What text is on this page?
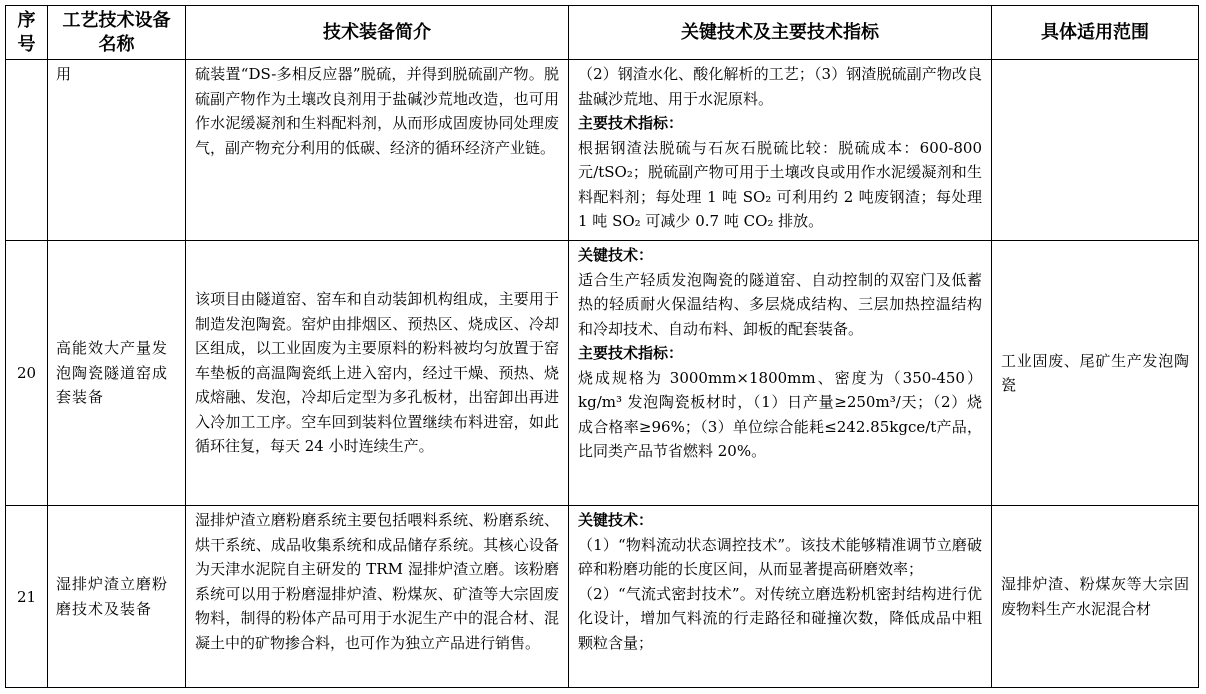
序号	工艺技术设备名称	技术装备简介	关键技术及主要技术指标	具体适用范围
	用	硫装置“DS-多相反应器”脱硫，并得到脱硫副产物。脱硫副产物作为土壤改良剂用于盐碱沙荒地改造，也可用作水泥缓凝剂和生料配料剂，从而形成固废协同处理废气，副产物充分利用的低碳、经济的循环经济产业链。	（2）钢渣水化、酸化解析的工艺；（3）钢渣脱硫副产物改良盐碱沙荒地、用于水泥原料。
主要技术指标：
根据钢渣法脱硫与石灰石脱硫比较：脱硫成本：600-800 元/tSO₂；脱硫副产物可用于土壤改良或用作水泥缓凝剂和生料配料剂；每处理 1 吨 SO₂ 可利用约 2 吨废钢渣；每处理 1 吨 SO₂ 可减少 0.7 吨 CO₂ 排放。	

20	高能效大产量发泡陶瓷隧道窑成套装备	该项目由隧道窑、窑车和自动装卸机构组成，主要用于制造发泡陶瓷。窑炉由排烟区、预热区、烧成区、冷却区组成，以工业固废为主要原料的粉料被均匀放置于窑车垫板的高温陶瓷纸上进入窑内，经过干燥、预热、烧成熔融、发泡，冷却后定型为多孔板材，出窑卸出再进入冷加工工序。空车回到装料位置继续布料进窑，如此循环往复，每天 24 小时连续生产。	关键技术：
适合生产轻质发泡陶瓷的隧道窑、自动控制的双窑门及低蓄热的轻质耐火保温结构、多层烧成结构、三层加热控温结构和冷却技术、自动布料、卸板的配套装备。
主要技术指标：
烧成规格为 3000mm×1800mm、密度为（350-450）kg/m³ 发泡陶瓷板材时，（1）日产量≥250m³/天；（2）烧成合格率≥96%；（3）单位综合能耗≤242.85kgce/t产品，比同类产品节省燃料 20%。	工业固废、尾矿生产发泡陶瓷
21	湿排炉渣立磨粉磨技术及装备	湿排炉渣立磨粉磨系统主要包括喂料系统、粉磨系统、烘干系统、成品收集系统和成品储存系统。其核心设备为天津水泥院自主研发的 TRM 湿排炉渣立磨。该粉磨系统可以用于粉磨湿排炉渣、粉煤灰、矿渣等大宗固废物料，制得的粉体产品可用于水泥生产中的混合材、混凝土中的矿物掺合料，也可作为独立产品进行销售。	关键技术：
（1）“物料流动状态调控技术”。该技术能够精准调节立磨破碎和粉磨功能的长度区间，从而显著提高研磨效率；
（2）“气流式密封技术”。对传统立磨选粉机密封结构进行优化设计，增加气料流的行走路径和碰撞次数，降低成品中粗颗粒含量；	湿排炉渣、粉煤灰等大宗固废物料生产水泥混合材
